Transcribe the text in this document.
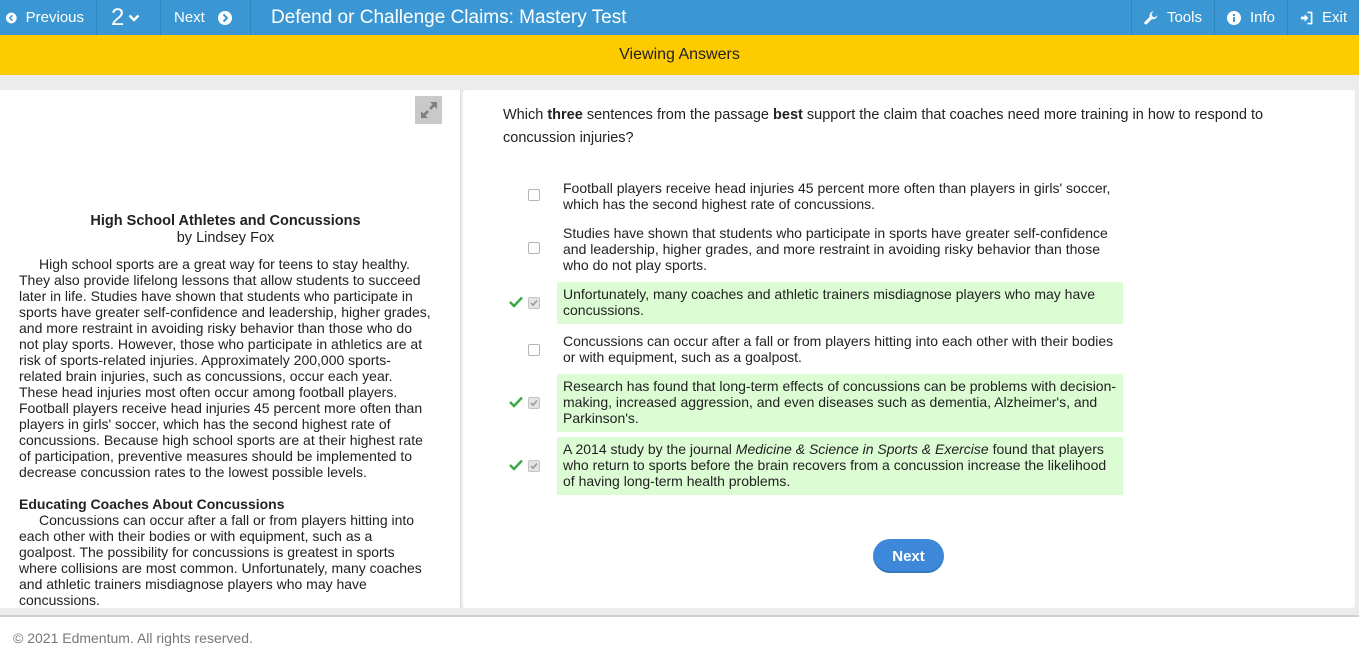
Previous 2	Next	Defend or Challenge Claims: Mastery Test	Tools	Info	Exit
Viewing Answers
High School Athletes and Concussions
by Lindsey Fox

High school sports are a great way for teens to stay healthy. They also provide lifelong lessons that allow students to succeed later in life. Studies have shown that students who participate in sports have greater self-confidence and leadership, higher grades, and more restraint in avoiding risky behavior than those who do not play sports. However, those who participate in athletics are at risk of sports-related injuries. Approximately 200,000 sports-related brain injuries, such as concussions, occur each year. These head injuries most often occur among football players. Football players receive head injuries 45 percent more often than players in girls' soccer, which has the second highest rate of concussions. Because high school sports are at their highest rate of participation, preventive measures should be implemented to decrease concussion rates to the lowest possible levels.

Educating Coaches About Concussions

Concussions can occur after a fall or from players hitting into each other with their bodies or with equipment, such as a goalpost. The possibility for concussions is greatest in sports where collisions are most common. Unfortunately, many coaches and athletic trainers misdiagnose players who may have concussions.

Which three sentences from the passage best support the claim that coaches need more training in how to respond to concussion injuries?
Football players receive head injuries 45 percent more often than players in girls' soccer, which has the second highest rate of concussions.
Studies have shown that students who participate in sports have greater self-confidence and leadership, higher grades, and more restraint in avoiding risky behavior than those who do not play sports.
Unfortunately, many coaches and athletic trainers misdiagnose players who may have concussions.
Concussions can occur after a fall or from players hitting into each other with their bodies or with equipment, such as a goalpost.
Research has found that long-term effects of concussions can be problems with decision-making, increased aggression, and even diseases such as dementia, Alzheimer's, and Parkinson's.
A 2014 study by the journal Medicine & Science in Sports & Exercise found that players who return to sports before the brain recovers from a concussion increase the likelihood of having long-term health problems.
Next
© 2021 Edmentum. All rights reserved.
